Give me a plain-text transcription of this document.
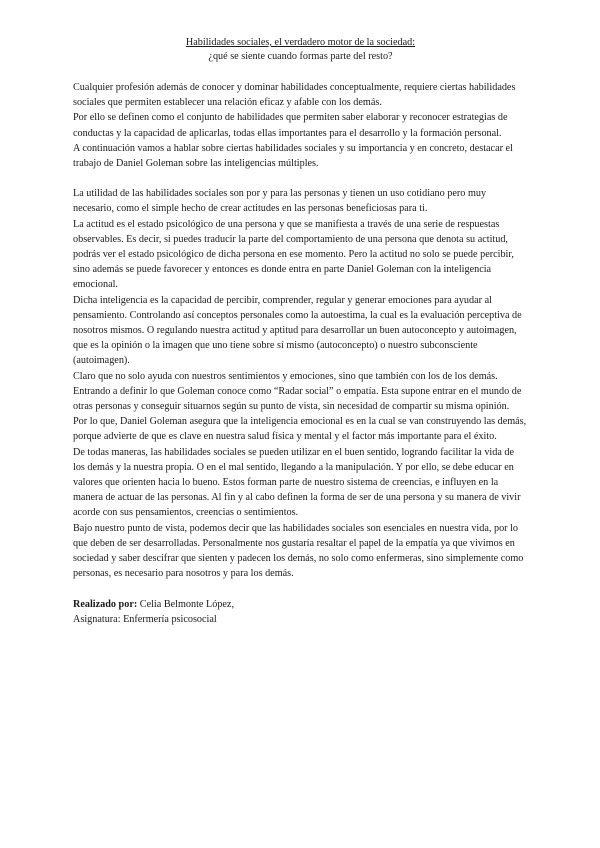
Habilidades sociales, el verdadero motor de la sociedad:
¿qué se siente cuando formas parte del resto?

Cualquier profesión además de conocer y dominar habilidades conceptualmente, requiere ciertas habilidades sociales que permiten establecer una relación eficaz y afable con los demás.

Por ello se definen como el conjunto de habilidades que permiten saber elaborar y reconocer estrategias de conductas y la capacidad de aplicarlas, todas ellas importantes para el desarrollo y la formación personal.

A continuación vamos a hablar sobre ciertas habilidades sociales y su importancia y en concreto, destacar el trabajo de Daniel Goleman sobre las inteligencias múltiples.

La utilidad de las habilidades sociales son por y para las personas y tienen un uso cotidiano pero muy necesario, como el simple hecho de crear actitudes en las personas beneficiosas para ti.

La actitud es el estado psicológico de una persona y que se manifiesta a través de una serie de respuestas observables. Es decir, si puedes traducir la parte del comportamiento de una persona que denota su actitud, podrás ver el estado psicológico de dicha persona en ese momento. Pero la actitud no solo se puede percibir, sino además se puede favorecer y entonces es donde entra en parte Daniel Goleman con la inteligencia emocional.

Dicha inteligencia es la capacidad de percibir, comprender, regular y generar emociones para ayudar al pensamiento. Controlando así conceptos personales como la autoestima, la cual es la evaluación perceptiva de nosotros mismos. O regulando nuestra actitud y aptitud para desarrollar un buen autoconcepto y autoimagen, que es la opinión o la imagen que uno tiene sobre sí mismo (autoconcepto) o nuestro subconsciente (autoimagen).

Claro que no solo ayuda con nuestros sentimientos y emociones, sino que también con los de los demás. Entrando a definir lo que Goleman conoce como “Radar social” o empatía. Esta supone entrar en el mundo de otras personas y conseguir situarnos según su punto de vista, sin necesidad de compartir su misma opinión.

Por lo que, Daniel Goleman asegura que la inteligencia emocional es en la cual se van construyendo las demás, porque advierte de que es clave en nuestra salud física y mental y el factor más importante para el éxito.

De todas maneras, las habilidades sociales se pueden utilizar en el buen sentido, logrando facilitar la vida de los demás y la nuestra propia. O en el mal sentido, llegando a la manipulación. Y por ello, se debe educar en valores que orienten hacia lo bueno. Estos forman parte de nuestro sistema de creencias, e influyen en la manera de actuar de las personas. Al fin y al cabo definen la forma de ser de una persona y su manera de vivir acorde con sus pensamientos, creencias o sentimientos.

Bajo nuestro punto de vista, podemos decir que las habilidades sociales son esenciales en nuestra vida, por lo que deben de ser desarrolladas. Personalmente nos gustaría resaltar el papel de la empatía ya que vivimos en sociedad y saber descifrar que sienten y padecen los demás, no solo como enfermeras, sino simplemente como personas, es necesario para nosotros y para los demás.

Realizado por: Celia Belmonte López,
Asignatura: Enfermería psicosocial
